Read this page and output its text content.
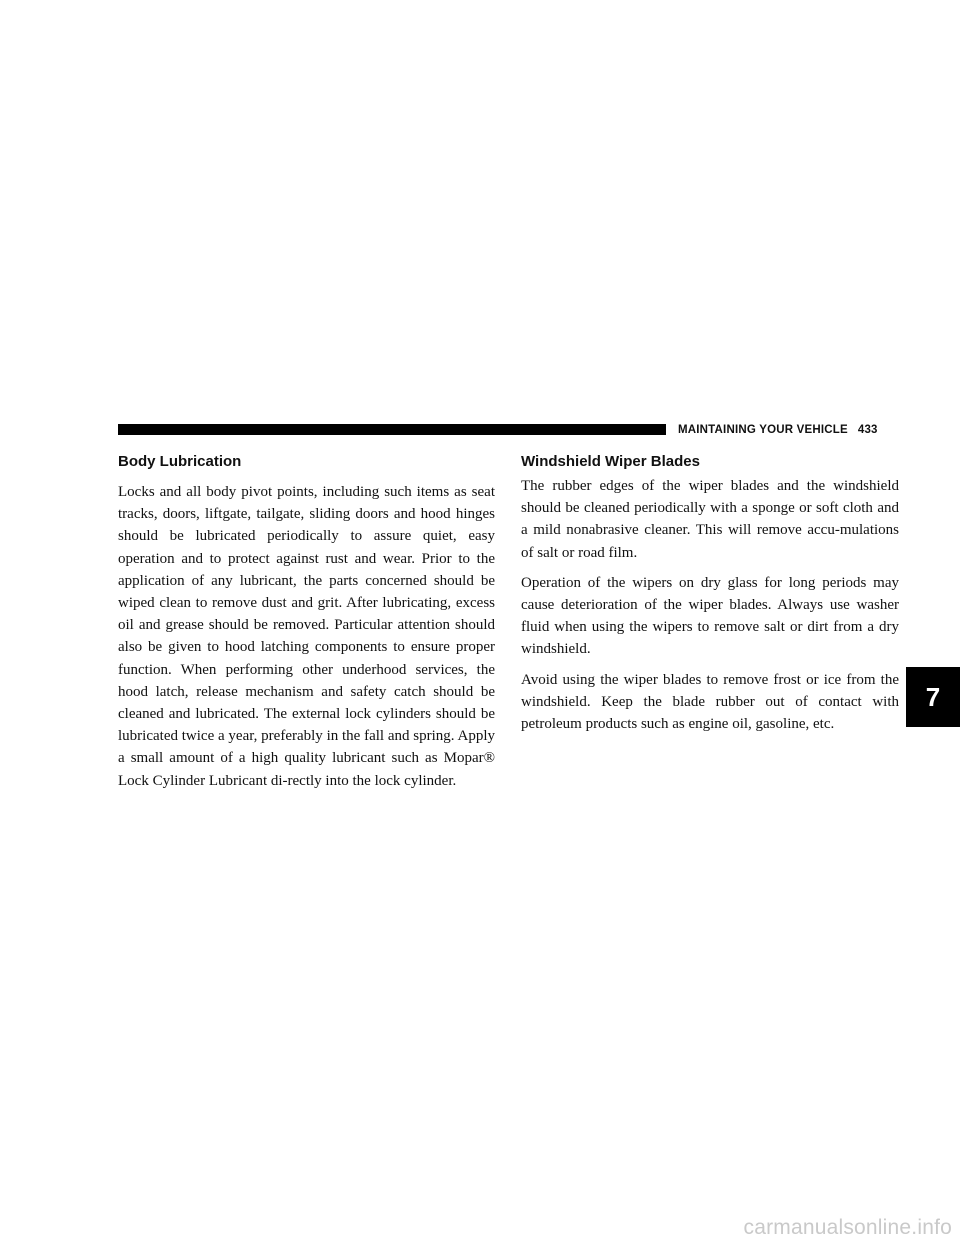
MAINTAINING YOUR VEHICLE 433
Body Lubrication

Locks and all body pivot points, including such items as seat tracks, doors, liftgate, tailgate, sliding doors and hood hinges should be lubricated periodically to assure quiet, easy operation and to protect against rust and wear. Prior to the application of any lubricant, the parts concerned should be wiped clean to remove dust and grit. After lubricating, excess oil and grease should be removed. Particular attention should also be given to hood latching components to ensure proper function. When performing other underhood services, the hood latch, release mechanism and safety catch should be cleaned and lubricated. The external lock cylinders should be lubricated twice a year, preferably in the fall and spring. Apply a small amount of a high quality lubricant such as Mopar® Lock Cylinder Lubricant di-rectly into the lock cylinder.

Windshield Wiper Blades

The rubber edges of the wiper blades and the windshield should be cleaned periodically with a sponge or soft cloth and a mild nonabrasive cleaner. This will remove accu-mulations of salt or road film.

Operation of the wipers on dry glass for long periods may cause deterioration of the wiper blades. Always use washer fluid when using the wipers to remove salt or dirt from a dry windshield.

Avoid using the wiper blades to remove frost or ice from the windshield. Keep the blade rubber out of contact with petroleum products such as engine oil, gasoline, etc.

7
carmanualsonline.info
